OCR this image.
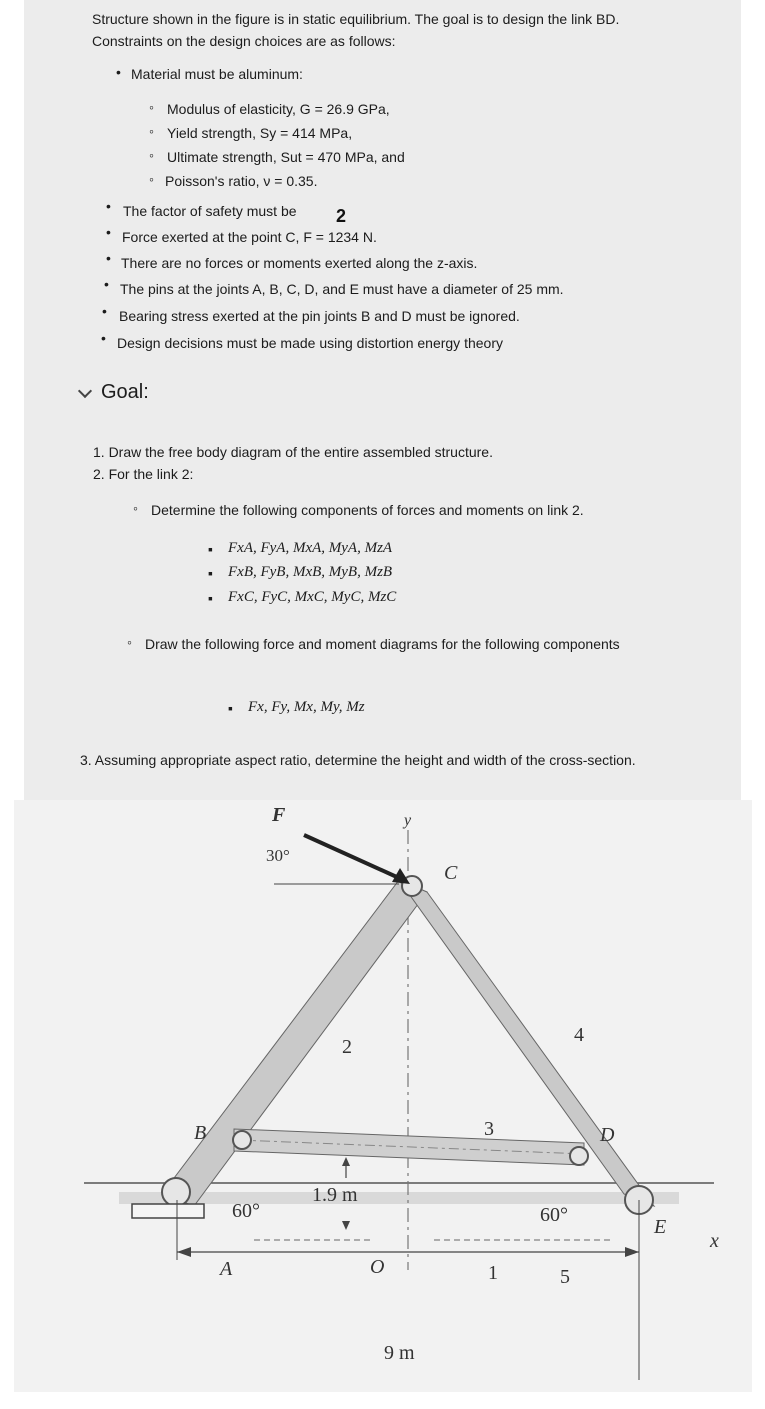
Structure shown in the figure is in static equilibrium. The goal is to design the link BD.
Constraints on the design choices are as follows:
• Material must be aluminum:
◦ Modulus of elasticity, G = 26.9 GPa,
◦ Yield strength, Sy = 414 MPa,
◦ Ultimate strength, Sut = 470 MPa, and
◦ Poisson's ratio, ν = 0.35.
• The factor of safety must be 2
• Force exerted at the point C, F = 1234 N.
• There are no forces or moments exerted along the z-axis.
• The pins at the joints A, B, C, D, and E must have a diameter of 25 mm.
• Bearing stress exerted at the pin joints B and D must be ignored.
• Design decisions must be made using distortion energy theory
Goal:
1. Draw the free body diagram of the entire assembled structure.
2. For the link 2:
◦ Determine the following components of forces and moments on link 2.
▪ FxA, FyA, MxA, MyA, MzA
▪ FxB, FyB, MxB, MyB, MzB
▪ FxC, FyC, MxC, MyC, MzC
◦ Draw the following force and moment diagrams for the following components
▪ Fx, Fy, Mx, My, Mz
3. Assuming appropriate aspect ratio, determine the height and width of the cross-section.
F
30°
y
C
B	D
A
E
O
x
1
2
3
4
5
60°	60°
1.9 m
9 m
